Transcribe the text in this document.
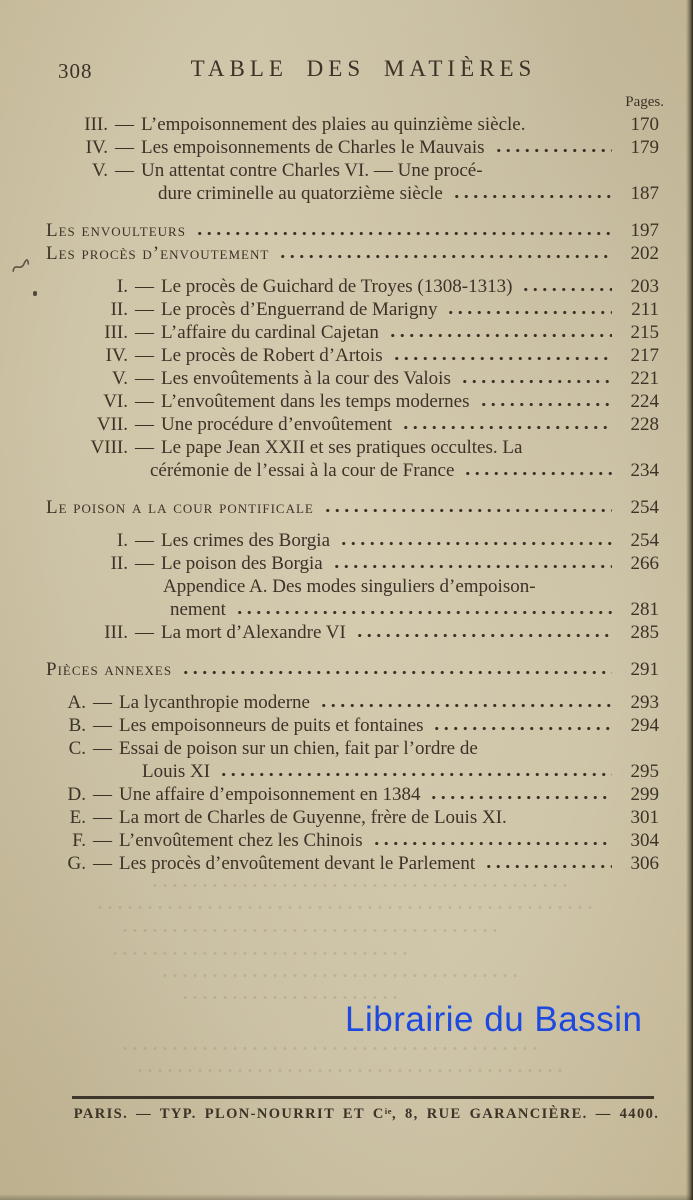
308	TABLE DES MATIÈRES
Pages.
III. — L’empoisonnement des plaies au quinzième siècle.	170
IV. — Les empoisonnements de Charles le Mauvais	179
V. — Un attentat contre Charles VI. — Une procé-
dure criminelle au quatorzième siècle	187
Les envoulteurs	197
Les procès d’envoutement	202
I. — Le procès de Guichard de Troyes (1308-1313)	203
II. — Le procès d’Enguerrand de Marigny	211
III. — L’affaire du cardinal Cajetan	215
IV. — Le procès de Robert d’Artois	217
V. — Les envoûtements à la cour des Valois	221
VI. — L’envoûtement dans les temps modernes	224
VII. — Une procédure d’envoûtement	228
VIII. — Le pape Jean XXII et ses pratiques occultes. La
cérémonie de l’essai à la cour de France	234
Le poison a la cour pontificale	254
I. — Les crimes des Borgia	254
II. — Le poison des Borgia	266
Appendice A. Des modes singuliers d’empoison-
nement	281
III. — La mort d’Alexandre VI	285
Pièces annexes	291
A. — La lycanthropie moderne	293
B. — Les empoisonneurs de puits et fontaines	294
C. — Essai de poison sur un chien, fait par l’ordre de
Louis XI	295
D. — Une affaire d’empoisonnement en 1384	299
E. — La mort de Charles de Guyenne, frère de Louis XI.	301
F. — L’envoûtement chez les Chinois	304
G. — Les procès d’envoûtement devant le Parlement	306
Librairie du Bassin
PARIS. — TYP. PLON-NOURRIT ET $C^{ie}$, 8, RUE GARANCIÈRE. — 4400.
